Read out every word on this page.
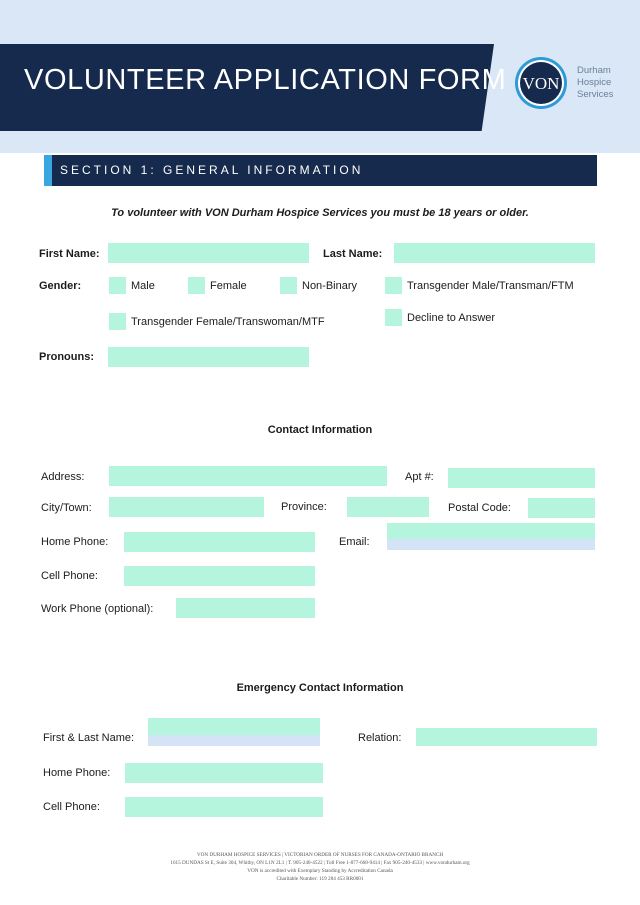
VOLUNTEER APPLICATION FORM VON
Durham
Hospice
Services
SECTION 1: GENERAL INFORMATION
To volunteer with VON Durham Hospice Services you must be 18 years or older.
First Name:	Last Name:
Gender:	Male	Female	Non-Binary	Transgender Male/Transman/FTM
Transgender Female/Transwoman/MTF	Decline to Answer
Pronouns:
Contact Information
Address:	Apt #:
City/Town:	Province:	Postal Code:
Home Phone:	Email:
Cell Phone:
Work Phone (optional):
Emergency Contact Information
First & Last Name:	Relation:
Home Phone:
Cell Phone:
VON DURHAM HOSPICE SERVICES | VICTORIAN ORDER OF NURSES FOR CANADA-ONTARIO BRANCH
1615 DUNDAS St E, Suite 304, Whitby, ON L1N 2L1 | T. 905-240-4522 | Toll Free 1-877-668-9414 | Fax 905-240-4533 | www.vondurham.org
VON is accredited with Exemplary Standing by Accreditation Canada
Charitable Number: 119 284 453 RR0001
